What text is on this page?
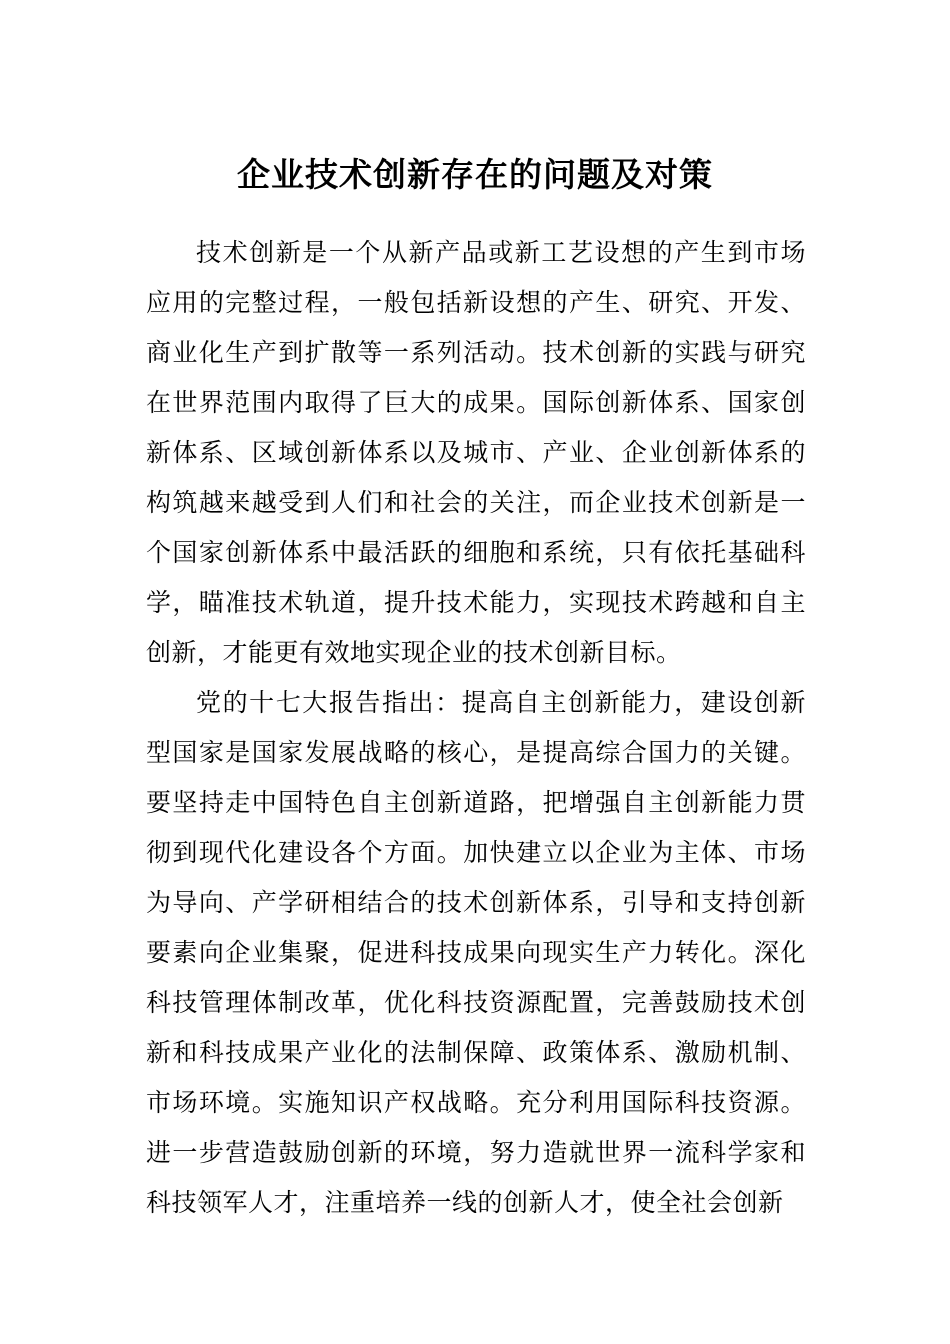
企业技术创新存在的问题及对策

技术创新是一个从新产品或新工艺设想的产生到市场应用的完整过程，一般包括新设想的产生、研究、开发、商业化生产到扩散等一系列活动。技术创新的实践与研究在世界范围内取得了巨大的成果。国际创新体系、国家创新体系、区域创新体系以及城市、产业、企业创新体系的构筑越来越受到人们和社会的关注，而企业技术创新是一个国家创新体系中最活跃的细胞和系统，只有依托基础科学，瞄准技术轨道，提升技术能力，实现技术跨越和自主创新，才能更有效地实现企业的技术创新目标。

党的十七大报告指出：提高自主创新能力，建设创新型国家是国家发展战略的核心，是提高综合国力的关键。要坚持走中国特色自主创新道路，把增强自主创新能力贯彻到现代化建设各个方面。加快建立以企业为主体、市场为导向、产学研相结合的技术创新体系，引导和支持创新要素向企业集聚，促进科技成果向现实生产力转化。深化科技管理体制改革，优化科技资源配置，完善鼓励技术创新和科技成果产业化的法制保障、政策体系、激励机制、市场环境。实施知识产权战略。充分利用国际科技资源。进一步营造鼓励创新的环境，努力造就世界一流科学家和科技领军人才，注重培养一线的创新人才，使全社会创新
